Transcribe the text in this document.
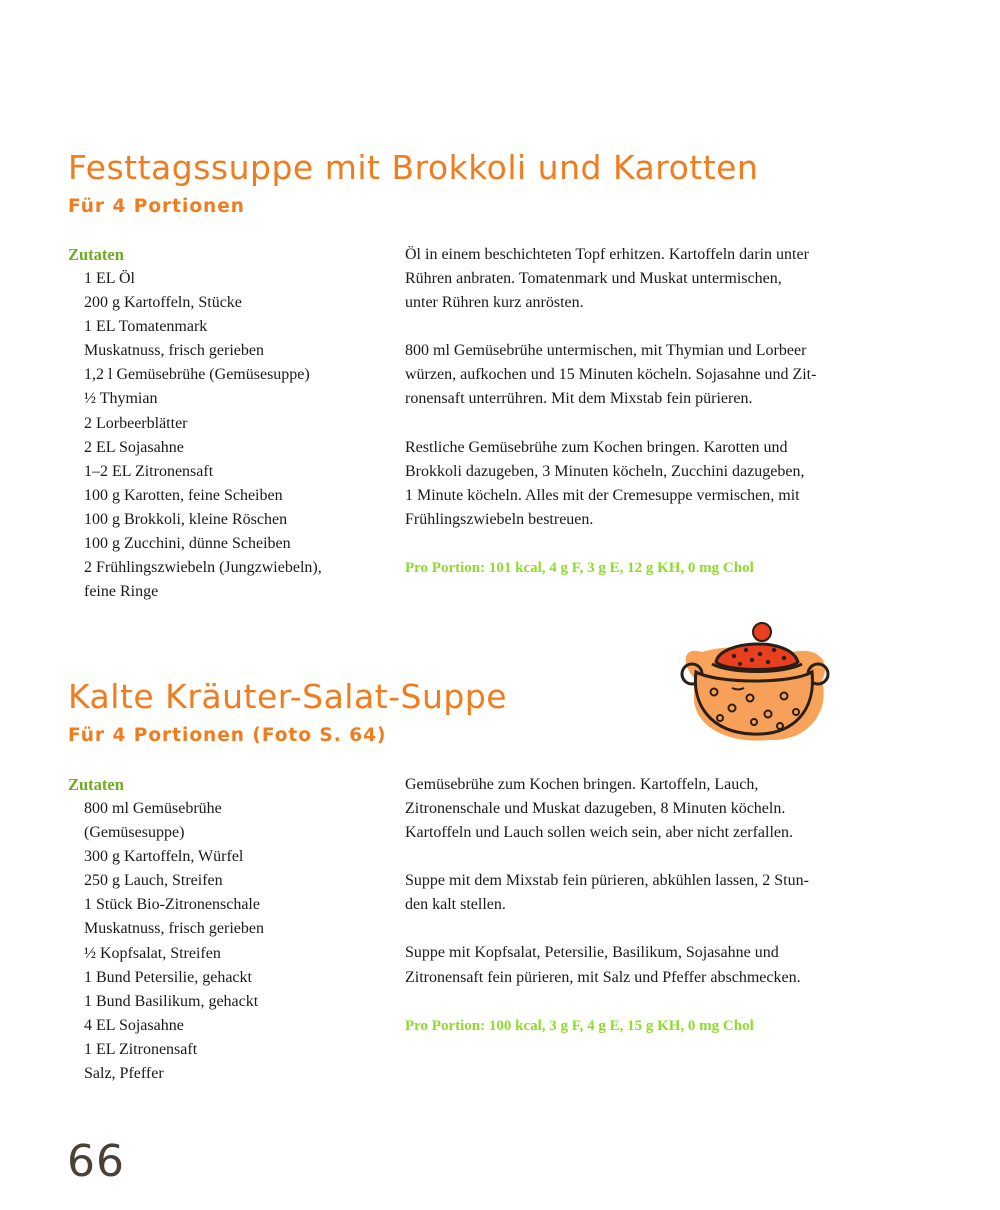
Festtagssuppe mit Brokkoli und Karotten
Für 4 Portionen
Zutaten
1 EL Öl
200 g Kartoffeln, Stücke
1 EL Tomatenmark
Muskatnuss, frisch gerieben
1,2 l Gemüsebrühe (Gemüsesuppe)
½ Thymian
2 Lorbeerblätter
2 EL Sojasahne
1–2 EL Zitronensaft
100 g Karotten, feine Scheiben
100 g Brokkoli, kleine Röschen
100 g Zucchini, dünne Scheiben
2 Frühlingszwiebeln (Jungzwiebeln),
feine Ringe

Öl in einem beschichteten Topf erhitzen. Kartoffeln darin unter
Rühren anbraten. Tomatenmark und Muskat untermischen,
unter Rühren kurz anrösten.

800 ml Gemüsebrühe untermischen, mit Thymian und Lorbeer
würzen, aufkochen und 15 Minuten köcheln. Sojasahne und Zit-
ronensaft unterrühren. Mit dem Mixstab fein pürieren.

Restliche Gemüsebrühe zum Kochen bringen. Karotten und
Brokkoli dazugeben, 3 Minuten köcheln, Zucchini dazugeben,
1 Minute köcheln. Alles mit der Cremesuppe vermischen, mit
Frühlingszwiebeln bestreuen.

Pro Portion: 101 kcal, 4 g F, 3 g E, 12 g KH, 0 mg Chol
Kalte Kräuter-Salat-Suppe
Für 4 Portionen (Foto S. 64)
Zutaten
800 ml Gemüsebrühe
(Gemüsesuppe)
300 g Kartoffeln, Würfel
250 g Lauch, Streifen
1 Stück Bio-Zitronenschale
Muskatnuss, frisch gerieben
½ Kopfsalat, Streifen
1 Bund Petersilie, gehackt
1 Bund Basilikum, gehackt
4 EL Sojasahne
1 EL Zitronensaft
Salz, Pfeffer

Gemüsebrühe zum Kochen bringen. Kartoffeln, Lauch,
Zitronenschale und Muskat dazugeben, 8 Minuten köcheln.
Kartoffeln und Lauch sollen weich sein, aber nicht zerfallen.

Suppe mit dem Mixstab fein pürieren, abkühlen lassen, 2 Stun-
den kalt stellen.

Suppe mit Kopfsalat, Petersilie, Basilikum, Sojasahne und
Zitronensaft fein pürieren, mit Salz und Pfeffer abschmecken.

Pro Portion: 100 kcal, 3 g F, 4 g E, 15 g KH, 0 mg Chol
66
